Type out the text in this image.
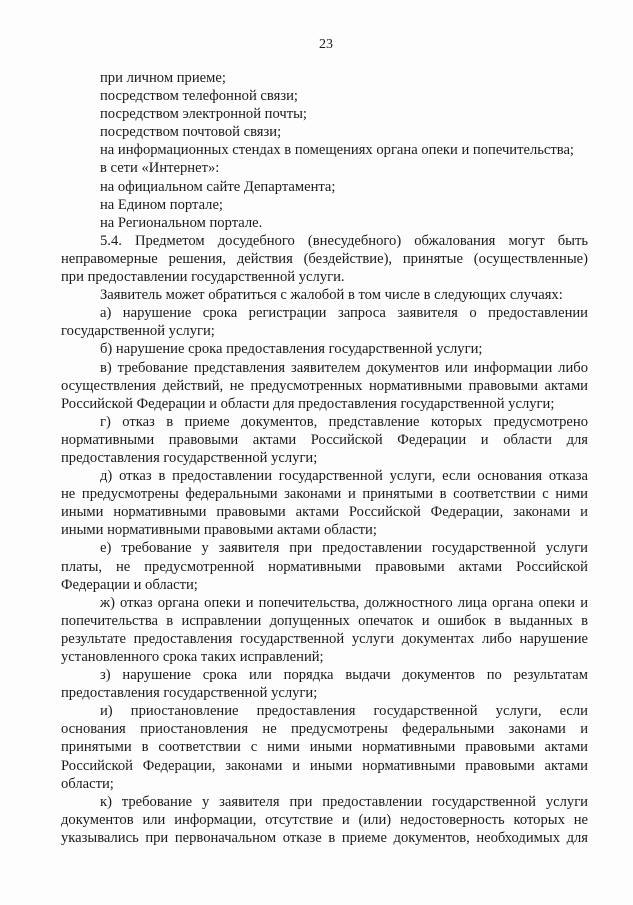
23
при личном приеме;
посредством телефонной связи;
посредством электронной почты;
посредством почтовой связи;
на информационных стендах в помещениях органа опеки и попечительства;
в сети «Интернет»:
на официальном сайте Департамента;
на Едином портале;
на Региональном портале.
5.4. Предметом досудебного (внесудебного) обжалования могут быть
неправомерные решения, действия (бездействие), принятые (осуществленные)
при предоставлении государственной услуги.
Заявитель может обратиться с жалобой в том числе в следующих случаях:
а) нарушение срока регистрации запроса заявителя о предоставлении
государственной услуги;
б) нарушение срока предоставления государственной услуги;
в) требование представления заявителем документов или информации либо
осуществления действий, не предусмотренных нормативными правовыми актами
Российской Федерации и области для предоставления государственной услуги;
г) отказ в приеме документов, представление которых предусмотрено
нормативными правовыми актами Российской Федерации и области для
предоставления государственной услуги;
д) отказ в предоставлении государственной услуги, если основания отказа
не предусмотрены федеральными законами и принятыми в соответствии с ними
иными нормативными правовыми актами Российской Федерации, законами и
иными нормативными правовыми актами области;
е) требование у заявителя при предоставлении государственной услуги
платы, не предусмотренной нормативными правовыми актами Российской
Федерации и области;
ж) отказ органа опеки и попечительства, должностного лица органа опеки и
попечительства в исправлении допущенных опечаток и ошибок в выданных в
результате предоставления государственной услуги документах либо нарушение
установленного срока таких исправлений;
з) нарушение срока или порядка выдачи документов по результатам
предоставления государственной услуги;
и) приостановление предоставления государственной услуги, если
основания приостановления не предусмотрены федеральными законами и
принятыми в соответствии с ними иными нормативными правовыми актами
Российской Федерации, законами и иными нормативными правовыми актами
области;
к) требование у заявителя при предоставлении государственной услуги
документов или информации, отсутствие и (или) недостоверность которых не
указывались при первоначальном отказе в приеме документов, необходимых для
